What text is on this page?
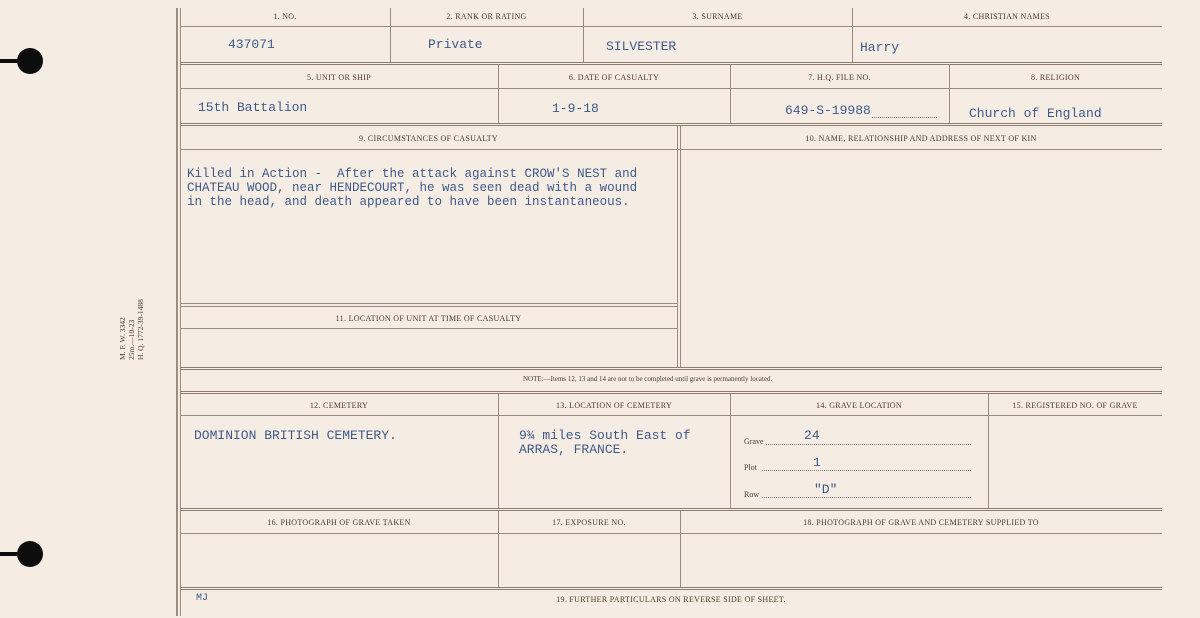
M. F. W. 3342 25m.—10-23 H. Q. 1772-39-1488
1. NO.	2. RANK OR RATING	3. SURNAME	4. CHRISTIAN NAMES
437071	Private	SILVESTER	Harry
5. UNIT OR SHIP	6. DATE OF CASUALTY	7. H.Q. FILE NO.	8. RELIGION
15th Battalion	1-9-18	649-S-19988	Church of England
9. CIRCUMSTANCES OF CASUALTY	10. NAME, RELATIONSHIP AND ADDRESS OF NEXT OF KIN
Killed in Action -  After the attack against CROW'S NEST and
CHATEAU WOOD, near HENDECOURT, he was seen dead with a wound
in the head, and death appeared to have been instantaneous.
11. LOCATION OF UNIT AT TIME OF CASUALTY
NOTE:—Items 12, 13 and 14 are not to be completed until grave is permanently located.
12. CEMETERY	13. LOCATION OF CEMETERY	14. GRAVE LOCATION	15. REGISTERED NO. OF GRAVE
DOMINION BRITISH CEMETERY.	9¾ miles South East of
ARRAS, FRANCE.
Grave	24
Plot	1
Row	"D"
16. PHOTOGRAPH OF GRAVE TAKEN	17. EXPOSURE NO.	18. PHOTOGRAPH OF GRAVE AND CEMETERY SUPPLIED TO
MJ	19. FURTHER PARTICULARS ON REVERSE SIDE OF SHEET.
